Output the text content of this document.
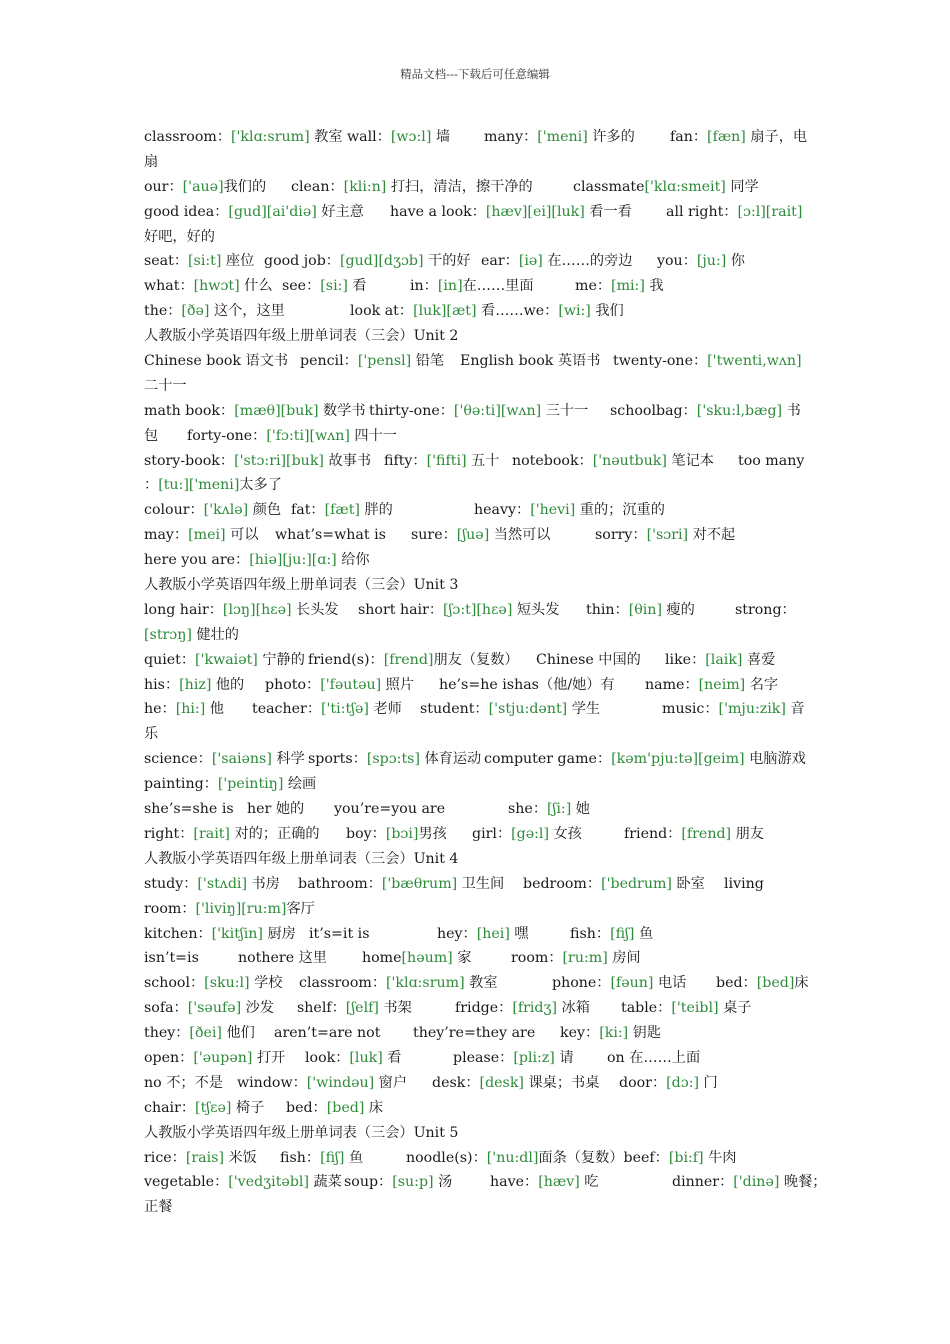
精品文档---下载后可任意编辑
classroom： ['klɑ:srum] 教室 wall： [wɔ:l] 墙 many： ['meni] 许多的 fan： [fæn] 扇子，电
扇
our： ['auə] 我们的 clean： [kli:n] 打扫，清洁，擦干净的	classmate ['klɑ:smeit] 同学
good idea： [gud][ai'diə] 好主意 have a look： [hæv][ei][luk] 看一看 all right： [ɔ:l][rait]
好吧，好的
seat： [si:t] 座位 good job： [gud][dʒɔb] 干的好 ear： [iə] 在……的旁边 you： [ju:] 你
what： [hwɔt] 什么 see： [si:] 看	in： [in] 在……里面	me： [mi:] 我
the： [ðə] 这个，这里	look at： [luk][æt] 看……we： [wi:] 我们
人教版小学英语四年级上册单词表（三会）Unit 2
Chinese book 语文书 pencil： ['pensl] 铅笔 English book 英语书 twenty-one： ['twenti,wʌn]
二十一
math book： [mæθ][buk] 数学书 thirty-one： ['θə:ti][wʌn] 三十一 schoolbag： ['sku:l,bæg] 书
包 forty-one： ['fɔ:ti][wʌn] 四十一
story-book： ['stɔ:ri][buk] 故事书 fifty： ['fifti] 五十 notebook： ['nəutbuk] 笔记本 too many
： [tu:]['meni] 太多了
colour： ['kʌlə] 颜色 fat： [fæt] 胖的	heavy： ['hevi] 重的；沉重的
may： [mei] 可以 what’s=what is sure： [ʃuə] 当然可以	sorry： ['sɔri] 对不起
here you are： [hiə][ju:][ɑ:] 给你
人教版小学英语四年级上册单词表（三会）Unit 3
long hair： [lɔŋ][hɛə] 长头发 short hair： [ʃɔ:t][hɛə] 短头发 thin： [θin] 瘦的	strong：
[strɔŋ] 健壮的
quiet： ['kwaiət] 宁静的 friend(s)： [frend] 朋友（复数） Chinese 中国的 like： [laik] 喜爱
his： [hiz] 他的 photo： ['fəutəu] 照片 he’s=he ishas（他/她）有 name： [neim] 名字
he： [hi:] 他 teacher： ['ti:tʃə] 老师 student： ['stju:dənt] 学生	music： ['mju:zik] 音
乐
science： ['saiəns] 科学 sports： [spɔ:ts] 体育运动 computer game： [kəm'pju:tə][geim] 电脑游戏
painting： ['peintiŋ] 绘画
she’s=she is her 她的 you’re=you are	she： [ʃi:] 她
right： [rait] 对的；正确的 boy： [bɔi] 男孩 girl： [gə:l] 女孩	friend： [frend] 朋友
人教版小学英语四年级上册单词表（三会）Unit 4
study： ['stʌdi] 书房 bathroom： ['bæθrum] 卫生间 bedroom： ['bedrum] 卧室 living
room： ['liviŋ][ru:m] 客厅
kitchen： ['kitʃin] 厨房 it’s=it is	hey： [hei] 嘿	fish： [fiʃ] 鱼
isn’t=is	nothere 这里 home [həum] 家	room： [ru:m] 房间
school： [sku:l] 学校 classroom： ['klɑ:srum] 教室	phone： [fəun] 电话 bed： [bed] 床
sofa： ['səufə] 沙发 shelf： [ʃelf] 书架	fridge： [fridʒ] 冰箱 table： ['teibl] 桌子
they： [ðei] 他们 aren’t=are not they’re=they are key： [ki:] 钥匙
open： ['əupən] 打开 look： [luk] 看	please： [pli:z] 请 on 在……上面
no 不；不是 window： ['windəu] 窗户 desk： [desk] 课桌；书桌 door： [dɔ:] 门
chair： [tʃɛə] 椅子 bed： [bed] 床
人教版小学英语四年级上册单词表（三会）Unit 5
rice： [rais] 米饭 fish： [fiʃ] 鱼	noodle(s)： ['nu:dl] 面条（复数）beef： [bi:f] 牛肉
vegetable： ['vedʒitəbl] 蔬菜 soup： [su:p] 汤	have： [hæv] 吃	dinner： ['dinə] 晚餐；
正餐
